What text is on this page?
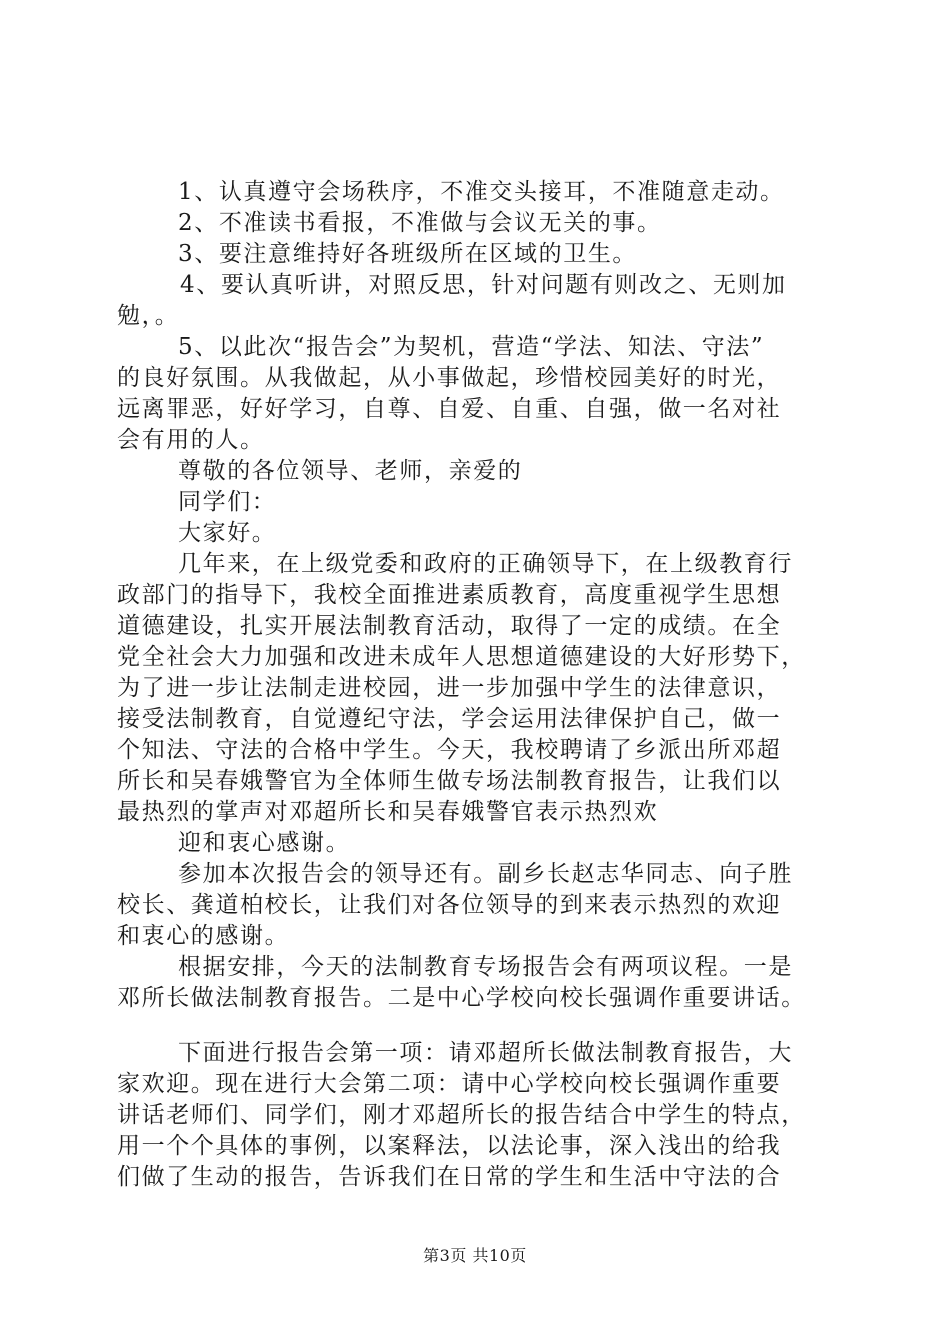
1、认真遵守会场秩序，不准交头接耳，不准随意走动。
2、不准读书看报，不准做与会议无关的事。
3、要注意维持好各班级所在区域的卫生。
4、要认真听讲，对照反思，针对问题有则改之、无则加
勉，。
5、以此次“报告会”为契机，营造“学法、知法、守法”
的良好氛围。从我做起，从小事做起，珍惜校园美好的时光，
远离罪恶，好好学习，自尊、自爱、自重、自强，做一名对社
会有用的人。
尊敬的各位领导、老师，亲爱的
同学们：
大家好。
几年来，在上级党委和政府的正确领导下，在上级教育行
政部门的指导下，我校全面推进素质教育，高度重视学生思想
道德建设，扎实开展法制教育活动，取得了一定的成绩。在全
党全社会大力加强和改进未成年人思想道德建设的大好形势下，
为了进一步让法制走进校园，进一步加强中学生的法律意识，
接受法制教育，自觉遵纪守法，学会运用法律保护自己，做一
个知法、守法的合格中学生。今天，我校聘请了乡派出所邓超
所长和吴春娥警官为全体师生做专场法制教育报告，让我们以
最热烈的掌声对邓超所长和吴春娥警官表示热烈欢
迎和衷心感谢。
参加本次报告会的领导还有。副乡长赵志华同志、向子胜
校长、龚道柏校长，让我们对各位领导的到来表示热烈的欢迎
和衷心的感谢。
根据安排，今天的法制教育专场报告会有两项议程。一是
邓所长做法制教育报告。二是中心学校向校长强调作重要讲话。
下面进行报告会第一项：请邓超所长做法制教育报告，大
家欢迎。现在进行大会第二项：请中心学校向校长强调作重要
讲话老师们、同学们，刚才邓超所长的报告结合中学生的特点，
用一个个具体的事例，以案释法，以法论事，深入浅出的给我
们做了生动的报告，告诉我们在日常的学生和生活中守法的合
第3页 共10页
